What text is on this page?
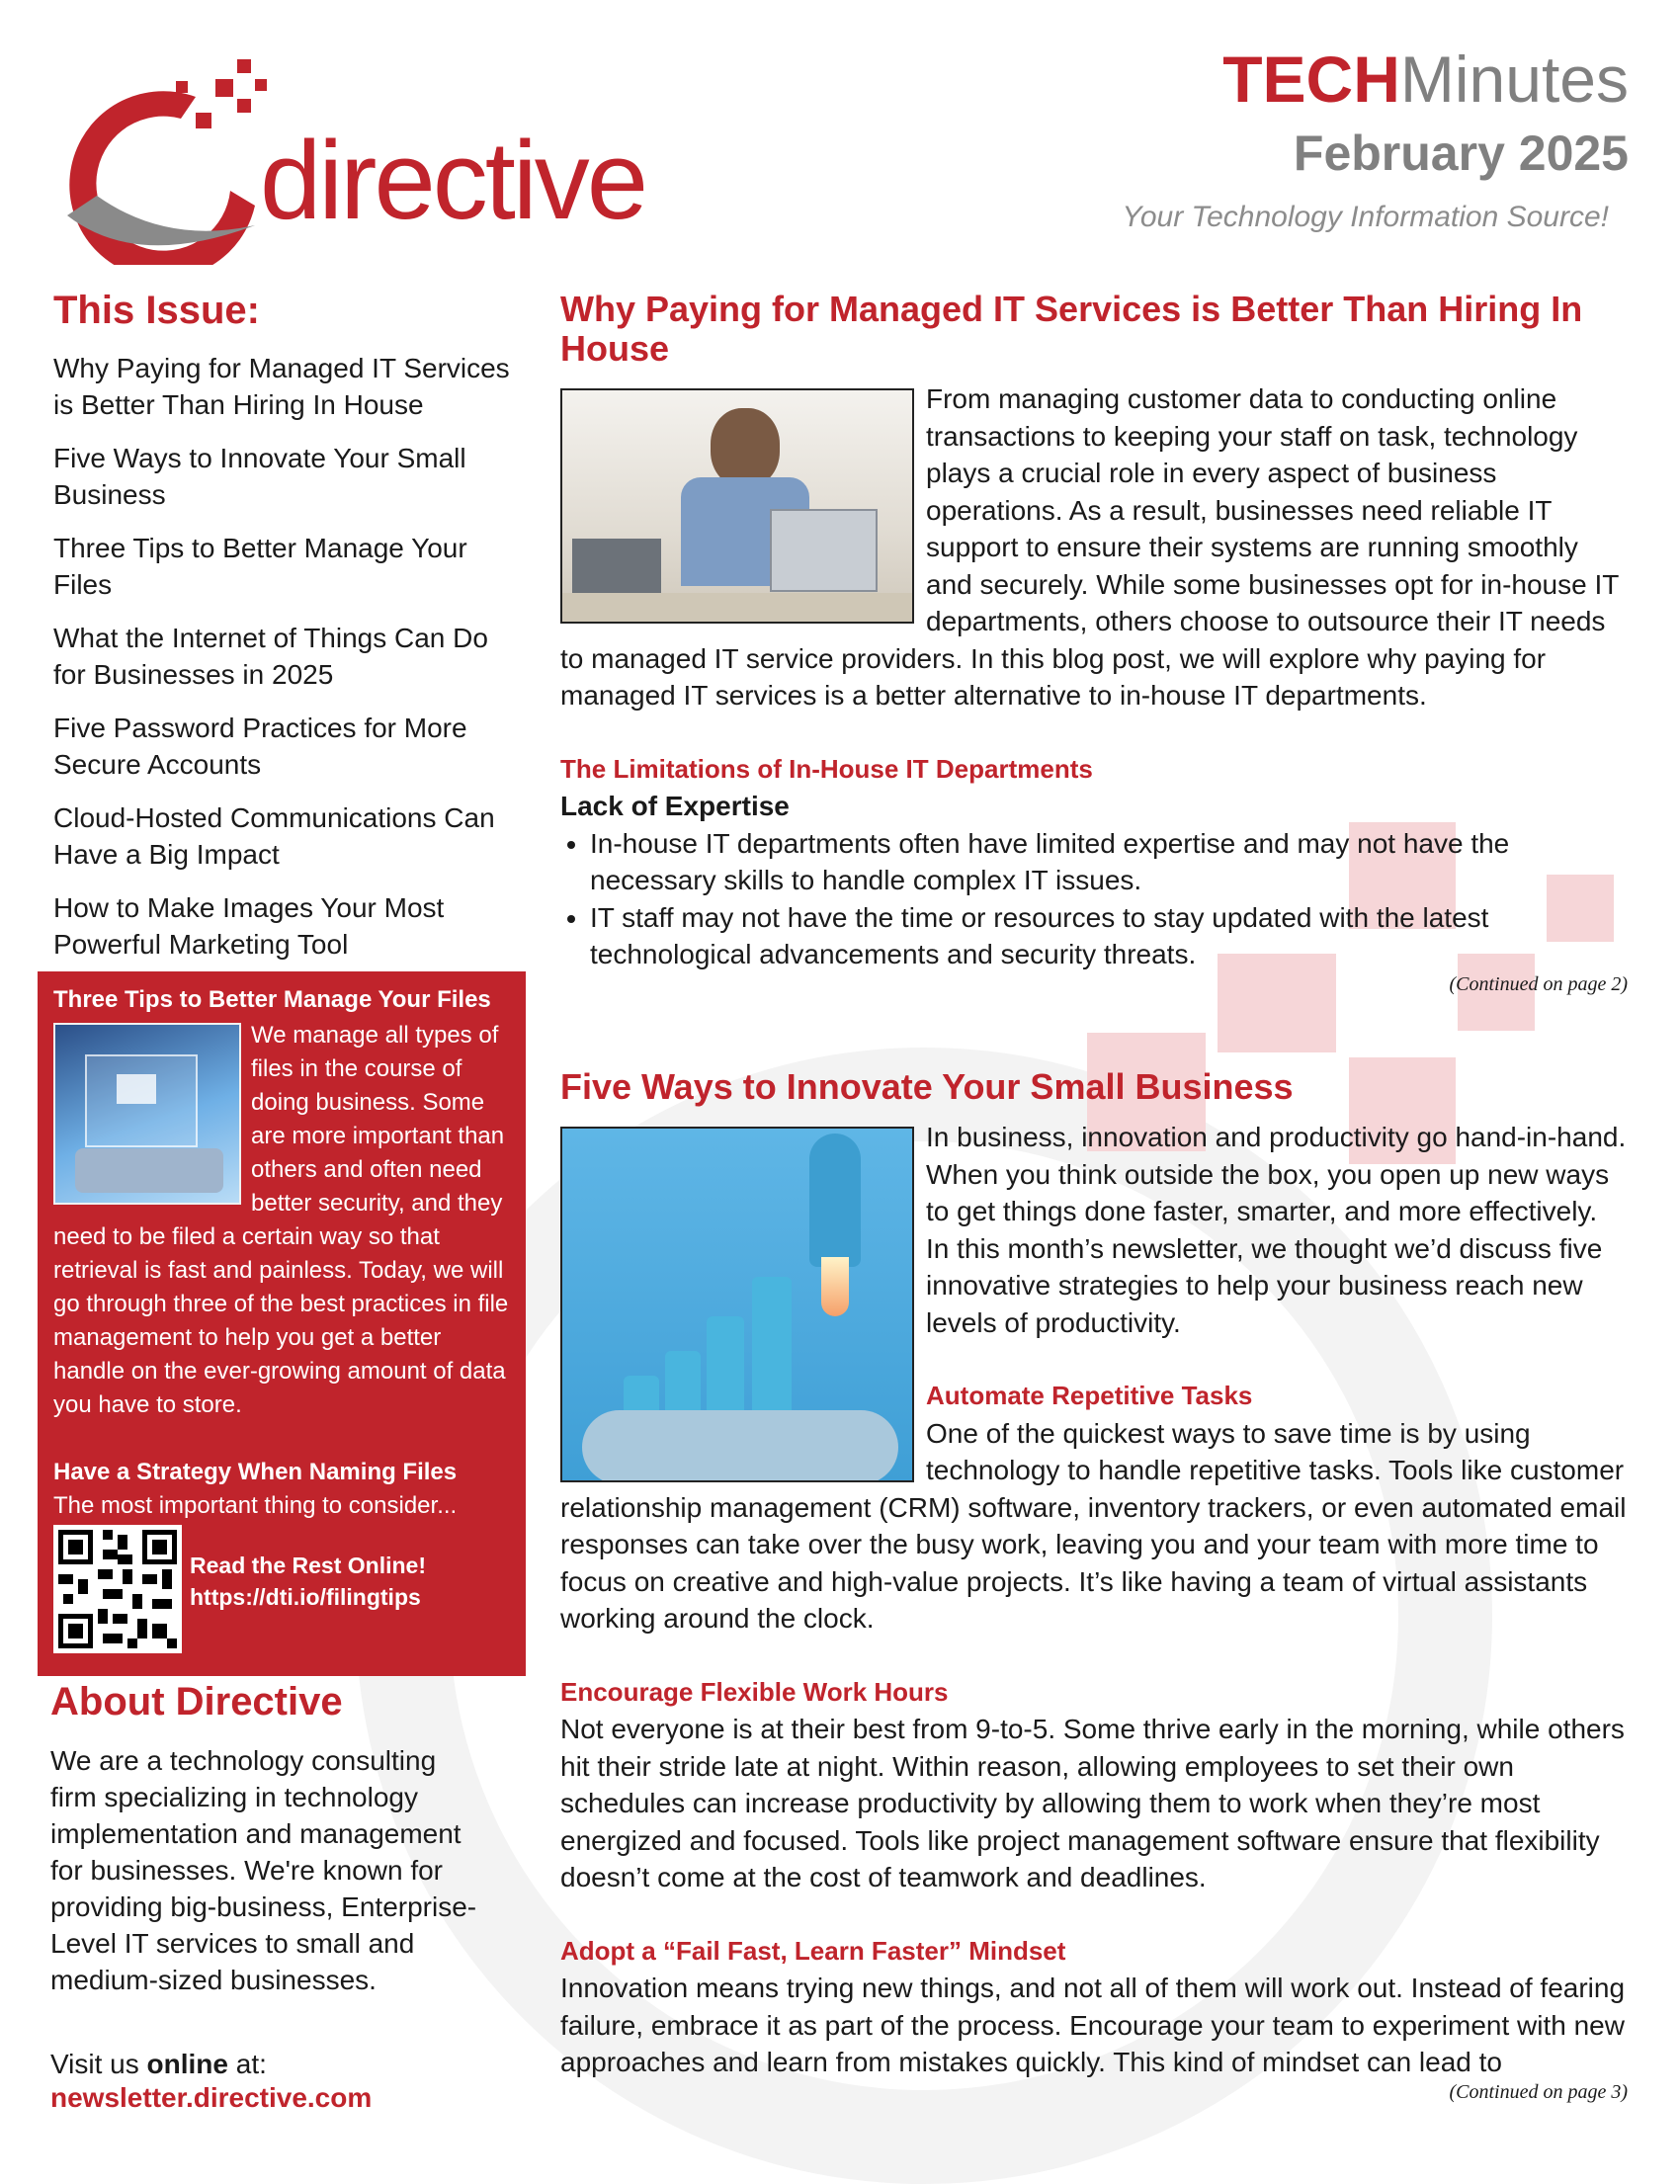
directive
TECHMinutes
February 2025
Your Technology Information Source!
This Issue:
Why Paying for Managed IT Services is Better Than Hiring In House
Five Ways to Innovate Your Small Business
Three Tips to Better Manage Your Files
What the Internet of Things Can Do for Businesses in 2025
Five Password Practices for More Secure Accounts
Cloud-Hosted Communications Can Have a Big Impact
How to Make Images Your Most Powerful Marketing Tool
Three Tips to Better Manage Your Files

We manage all types of files in the course of doing business. Some are more important than others and often need better security, and they need to be filed a certain way so that retrieval is fast and painless. Today, we will go through three of the best practices in file management to help you get a better handle on the ever-growing amount of data you have to store.

Have a Strategy When Naming Files

The most important thing to consider...

Read the Rest Online!
https://dti.io/filingtips
About Directive

We are a technology consulting firm specializing in technology implementation and management for businesses. We're known for providing big-business, Enterprise-Level IT services to small and medium-sized businesses.

Visit us online at:
newsletter.directive.com
Why Paying for Managed IT Services is Better Than Hiring In House

From managing customer data to conducting online transactions to keeping your staff on task, technology plays a crucial role in every aspect of business operations. As a result, businesses need reliable IT support to ensure their systems are running smoothly and securely. While some businesses opt for in-house IT departments, others choose to outsource their IT needs to managed IT service providers. In this blog post, we will explore why paying for managed IT services is a better alternative to in-house IT departments.

The Limitations of In-House IT Departments
Lack of Expertise
• In-house IT departments often have limited expertise and may not have the necessary skills to handle complex IT issues.
• IT staff may not have the time or resources to stay updated with the latest technological advancements and security threats.
(Continued on page 2)
Five Ways to Innovate Your Small Business

In business, innovation and productivity go hand-in-hand. When you think outside the box, you open up new ways to get things done faster, smarter, and more effectively. In this month’s newsletter, we thought we’d discuss five innovative strategies to help your business reach new levels of productivity.

Automate Repetitive Tasks

One of the quickest ways to save time is by using technology to handle repetitive tasks. Tools like customer relationship management (CRM) software, inventory trackers, or even automated email responses can take over the busy work, leaving you and your team with more time to focus on creative and high-value projects. It’s like having a team of virtual assistants working around the clock.

Encourage Flexible Work Hours

Not everyone is at their best from 9-to-5. Some thrive early in the morning, while others hit their stride late at night. Within reason, allowing employees to set their own schedules can increase productivity by allowing them to work when they’re most energized and focused. Tools like project management software ensure that flexibility doesn’t come at the cost of teamwork and deadlines.

Adopt a “Fail Fast, Learn Faster” Mindset

Innovation means trying new things, and not all of them will work out. Instead of fearing failure, embrace it as part of the process. Encourage your team to experiment with new approaches and learn from mistakes quickly. This kind of mindset can lead to

(Continued on page 3)
